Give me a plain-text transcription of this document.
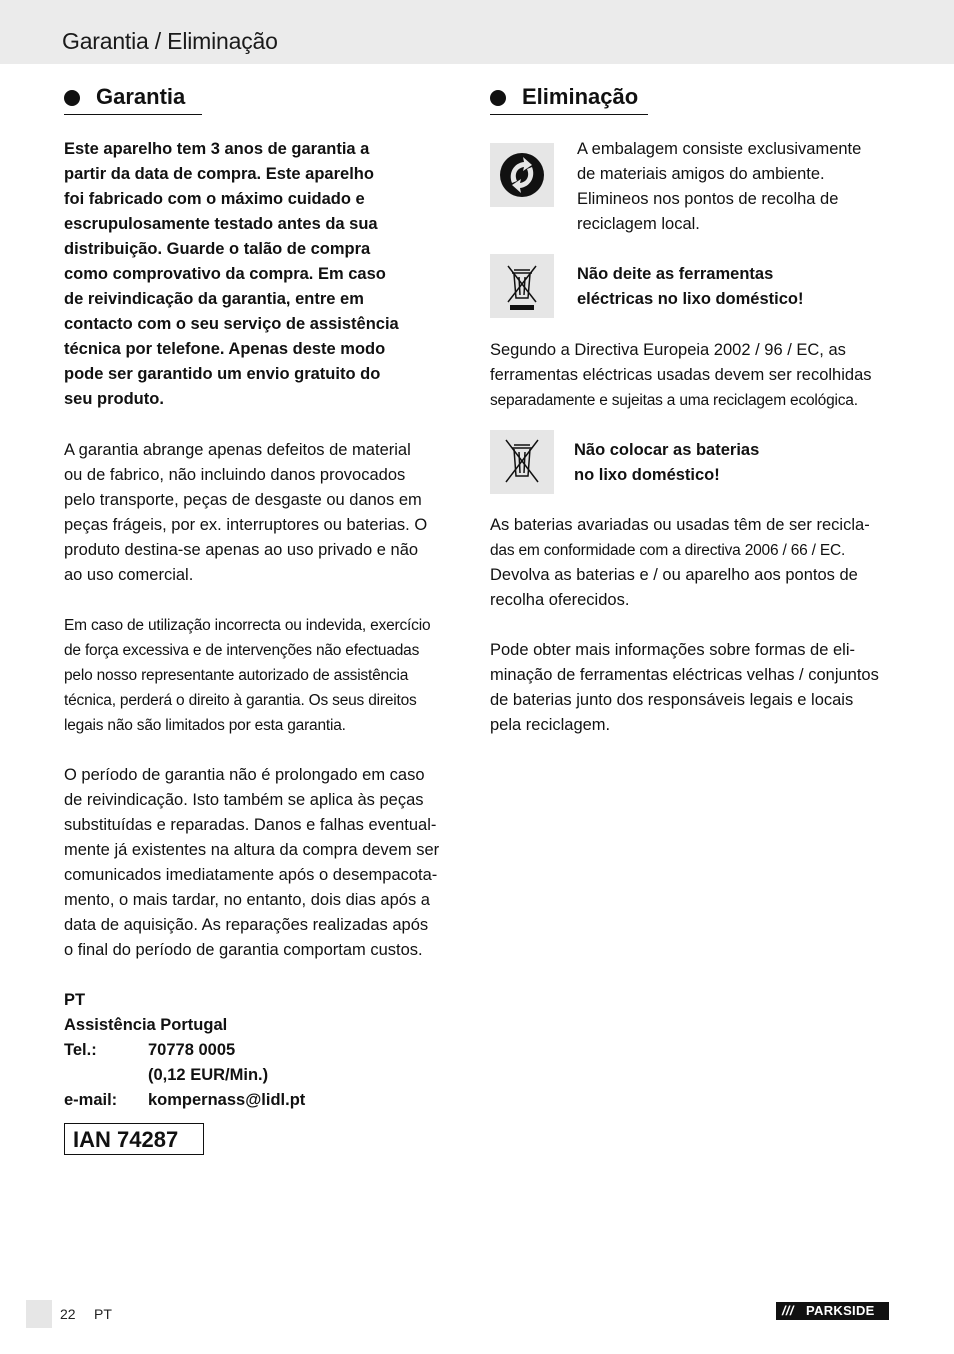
Garantia / Eliminação
Garantia

Este aparelho tem 3 anos de garantia a

partir da data de compra. Este aparelho

foi fabricado com o máximo cuidado e

escrupulosamente testado antes da sua

distribuição. Guarde o talão de compra

como comprovativo da compra. Em caso

de reivindicação da garantia, entre em

contacto com o seu serviço de assistência

técnica por telefone. Apenas deste modo

pode ser garantido um envio gratuito do

seu produto.

A garantia abrange apenas defeitos de material

ou de fabrico, não incluindo danos provocados

pelo transporte, peças de desgaste ou danos em

peças frágeis, por ex. interruptores ou baterias. O

produto destina-se apenas ao uso privado e não

ao uso comercial.

Em caso de utilização incorrecta ou indevida, exercício

de força excessiva e de intervenções não efectuadas

pelo nosso representante autorizado de assistência

técnica, perderá o direito à garantia. Os seus direitos

legais não são limitados por esta garantia.

O período de garantia não é prolongado em caso

de reivindicação. Isto também se aplica às peças

substituídas e reparadas. Danos e falhas eventual-

mente já existentes na altura da compra devem ser

comunicados imediatamente após o desempacota-

mento, o mais tardar, no entanto, dois dias após a

data de aquisição. As reparações realizadas após

o final do período de garantia comportam custos.

PT
Assistência Portugal
Tel.:	70778 0005
(0,12 EUR/Min.)
e-mail:	kompernass@lidl.pt
IAN 74287
Eliminação

A embalagem consiste exclusivamente

de materiais amigos do ambiente.

Elimineos nos pontos de recolha de

reciclagem local.

Não deite as ferramentas

eléctricas no lixo doméstico!

Segundo a Directiva Europeia 2002 / 96 / EC, as

ferramentas eléctricas usadas devem ser recolhidas

separadamente e sujeitas a uma reciclagem ecológica.

Não colocar as baterias

no lixo doméstico!

As baterias avariadas ou usadas têm de ser recicla-

das em conformidade com a directiva 2006 / 66 / EC.

Devolva as baterias e / ou aparelho aos pontos de

recolha oferecidos.

Pode obter mais informações sobre formas de eli-

minação de ferramentas eléctricas velhas / conjuntos

de baterias junto dos responsáveis legais e locais

pela reciclagem.

22 PT	/// PARKSIDE
